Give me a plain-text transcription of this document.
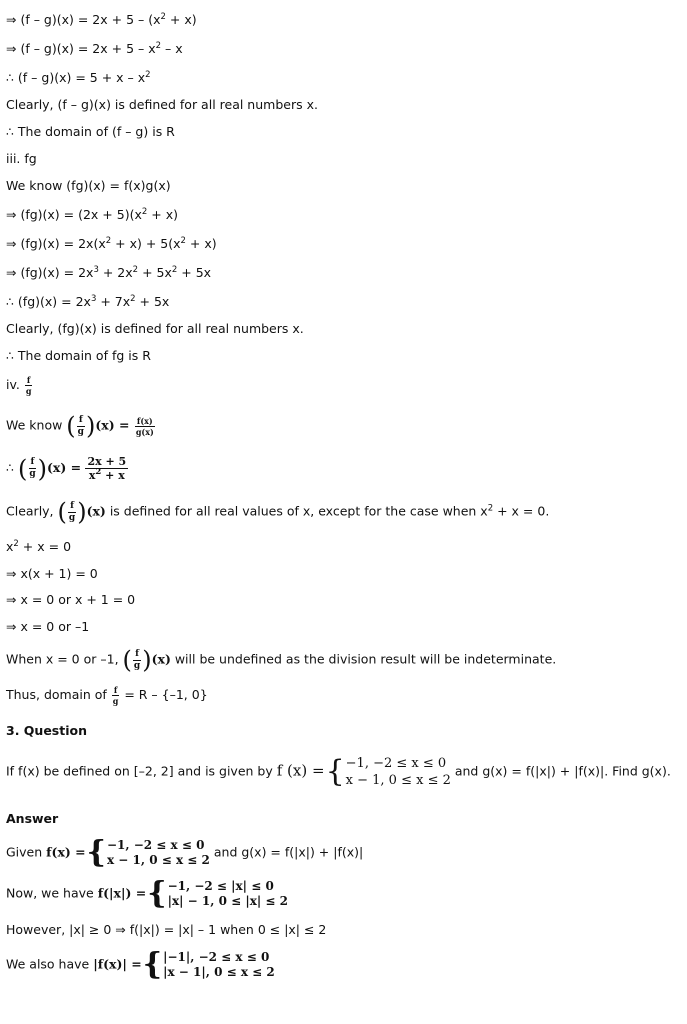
⇒ $(f - g)(x) = 2x + 5 - (x^2 + x)$
⇒ $(f - g)(x) = 2x + 5 - x^2 - x$
∴ $(f - g)(x) = 5 + x - x^2$
Clearly, (f – g)(x) is defined for all real numbers x.
∴ The domain of (f – g) is R
iii. fg
We know (fg)(x) = f(x)g(x)
⇒ $(fg)(x) = (2x + 5)(x^2 + x)$
⇒ $(fg)(x) = 2x(x^2 + x) + 5(x^2 + x)$
⇒ $(fg)(x) = 2x^3 + 2x^2 + 5x^2 + 5x$
∴ $(fg)(x) = 2x^3 + 7x^2 + 5x$
Clearly, (fg)(x) is defined for all real numbers x.
∴ The domain of fg is R
iv. $\frac{f}{g}$
We know ( $\frac{f}{g}$ ) $(x) = \frac{f(x)}{g(x)}$
∴ ( $\frac{f}{g}$ ) $(x) = \frac{2x + 5}{x^2 + x}$
Clearly, ( $\frac{f}{g}$ ) (x) is defined for all real values of x, except for the case when $x^2 + x = 0$.
$x^2 + x = 0$
⇒ x(x + 1) = 0
⇒ x = 0 or x + 1 = 0
⇒ x = 0 or –1
When x = 0 or –1, ( $\frac{f}{g}$ ) (x) will be undefined as the division result will be indeterminate.
Thus, domain of $\frac{f}{g} = R - \{-1$, 0}
3. Question
If f(x) be defined on [–2, 2] and is given by f (x) ={ −1, −2 ≤ x ≤ 0
x − 1, 0 ≤ x ≤ 2
and g(x) = f(|x|) + |f(x)|. Find g(x).
Answer
Given f(x) ={ −1, −2 ≤ x ≤ 0
x − 1, 0 ≤ x ≤ 2
and g(x) = f(|x|) + |f(x)|
Now, we have f(|x|) ={ −1, −2 ≤ |x| ≤ 0
|x| − 1, 0 ≤ |x| ≤ 2
However, |x| ≥ 0 ⇒ f(|x|) = |x| – 1 when 0 ≤ |x| ≤ 2
We also have |f(x)| ={ |−1|, −2 ≤ x ≤ 0
|x − 1|, 0 ≤ x ≤ 2
